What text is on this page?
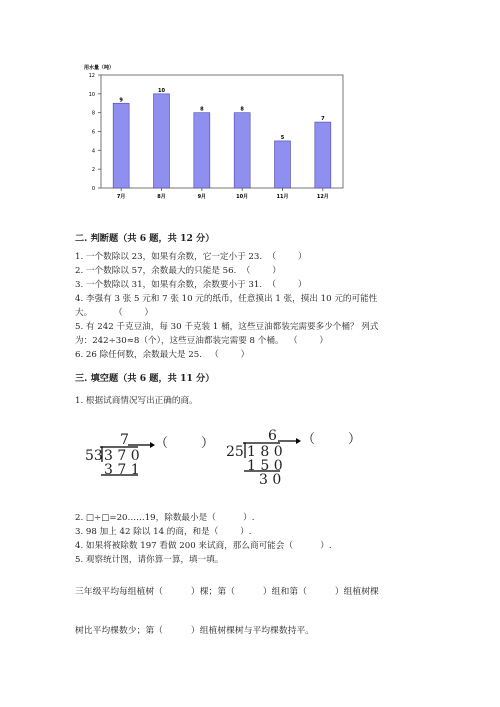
用水量（吨）
0
2
4
6
8
10
12
9
7月
10
8月
8
9月
8
10月
5
11月
7
12月
二. 判断题（共 6 题，共 12 分）
1. 一个数除以 23，如果有余数，它一定小于 23.  （        ）
2. 一个数除以 57，余数最大的只能是 56.  （        ）
3. 一个数除以 31，如果有余数，余数要小于 31.  （        ）
4. 李强有 3 张 5 元和 7 张 10 元的纸币，任意摸出 1 张，摸出 10 元的可能性
大。        （        ）
5. 有 242 千克豆油，每 30 千克装 1 桶，这些豆油都装完需要多少个桶？ 列式
为：242÷30≈8（个），这些豆油都装完需要 8 个桶。  （        ）
6. 26 除任何数，余数最大是 25.   （        ）
三. 填空题（共 6 题，共 11 分）
1. 根据试商情况写出正确的商。
7 （        ）
53 3 7 0
3 7 1
6 （        ）
25 1 8 0
1 5 0
3 0
2. □÷□=20……19，除数最小是（          ）.
3. 98 加上 42 除以 14 的商，和是（        ）.
4. 如果将被除数 197 看做 200 来试商，那么商可能会（          ）.
5. 观察统计图，请你算一算，填一填。
三年级平均每组植树（          ）棵；第（          ）组和第（          ）组植树棵
树比平均棵数少；第（          ）组植树棵树与平均棵数持平。
